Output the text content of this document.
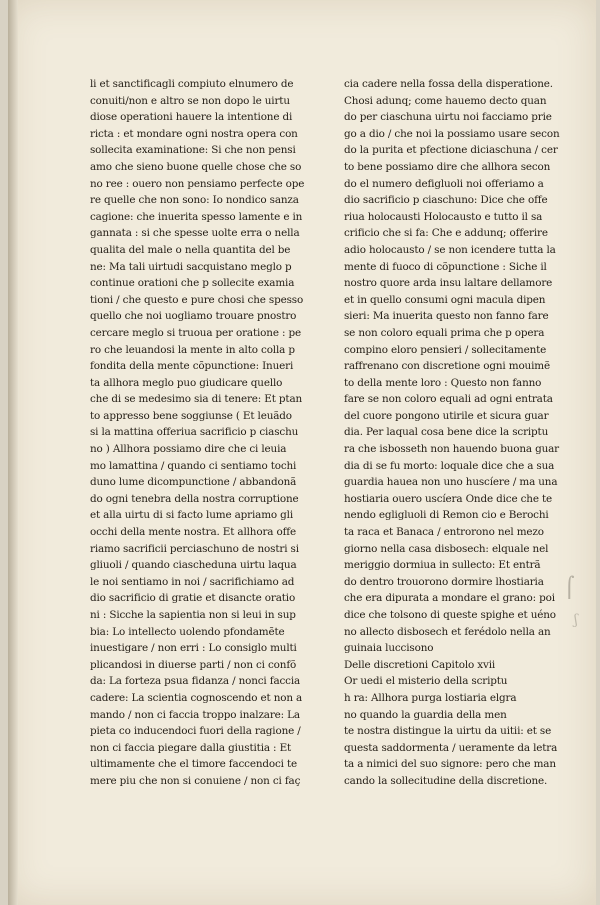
li et sanctificagli compiuto elnumero de
conuiti/non e altro se non dopo le uirtu
diose operationi hauere la intentione di
ricta : et mondare ogni nostra opera con
sollecita examinatione: Si che non pensi
amo che sieno buone quelle chose che so
no ree : ouero non pensiamo perfecte ope
re quelle che non sono: Io nondico sanza
cagione: che inuerita spesso lamente e in
gannata : si che spesse uolte erra o nella
qualita del male o nella quantita del be
ne: Ma tali uirtudi sacquistano meglo p
continue orationi che p sollecite examia
tioni / che questo e pure chosi che spesso
quello che noi uogliamo trouare pnostro
cercare meglo si truoua per oratione : pe
ro che leuandosi la mente in alto colla p
fondita della mente cõpunctione: Inueri
ta allhora meglo puo giudicare quello
che di se medesimo sia di tenere: Et ptan
to appresso bene soggiunse ( Et leuãdo
si la mattina offeriua sacrificio p ciaschu
no ) Allhora possiamo dire che ci leuia
mo lamattina / quando ci sentiamo tochi
duno lume dicompunctione / abbandonã
do ogni tenebra della nostra corruptione
et alla uirtu di si facto lume apriamo gli
occhi della mente nostra. Et allhora offe
riamo sacrificii perciaschuno de nostri si
gliuoli / quando ciascheduna uirtu laqua
le noi sentiamo in noi / sacrifichiamo ad
dio sacrificio di gratie et disancte oratio
ni : Sicche la sapientia non si leui in sup
bia: Lo intellecto uolendo pfondamẽte
inuestigare / non erri : Lo consiglo multi
plicandosi in diuerse parti / non ci confõ
da: La forteza psua fidanza / nonci faccia
cadere: La scientia cognoscendo et non a
mando / non ci faccia troppo inalzare: La
pieta co inducendoci fuori della ragione /
non ci faccia piegare dalla giustitia : Et
ultimamente che el timore faccendoci te
mere piu che non si conuiene / non ci faç
cia cadere nella fossa della disperatione.
Chosi adunq; come hauemo decto quan
do per ciaschuna uirtu noi facciamo prie
go a dio / che noi la possiamo usare secon
do la purita et pfectione diciaschuna / cer
to bene possiamo dire che allhora secon
do el numero defigluoli noi offeriamo a
dio sacrificio p ciaschuno: Dice che offe
riua holocausti Holocausto e tutto il sa
crificio che si fa: Che e addunq; offerire
adio holocausto / se non icendere tutta la
mente di fuoco di cõpunctione : Siche il
nostro quore arda insu laltare dellamore
et in quello consumi ogni macula dipen
sieri: Ma inuerita questo non fanno fare
se non coloro equali prima che p opera
compino eloro pensieri / sollecitamente
raffrenano con discretione ogni mouimẽ
to della mente loro : Questo non fanno
fare se non coloro equali ad ogni entrata
del cuore pongono utirile et sicura guar
dia. Per laqual cosa bene dice la scriptu
ra che isbosseth non hauendo buona guar
dia di se fu morto: loquale dice che a sua
guardia hauea non uno huscíere / ma una
hostiaria ouero uscíera Onde dice che te
nendo egligluoli di Remon cio e Berochi
ta raca et Banaca / entrorono nel mezo
giorno nella casa disbosech: elquale nel
meriggio dormiua in sullecto: Et entrã
do dentro trouorono dormire lhostiaria
che era dipurata a mondare el grano: poi
dice che tolsono di queste spighe et uéno
no allecto disbosech et ferédolo nella an
guinaia luccisono
Delle discretioni Capitolo xvii
Or uedi el misterio della scriptu
h ra: Allhora purga lostiaria elgra
no quando la guardia della men
te nostra distingue la uirtu da uitii: et se
questa saddormenta / ueramente da letra
ta a nimici del suo signore: pero che man
cando la sollecitudine della discretione.
⌠
ʃ
